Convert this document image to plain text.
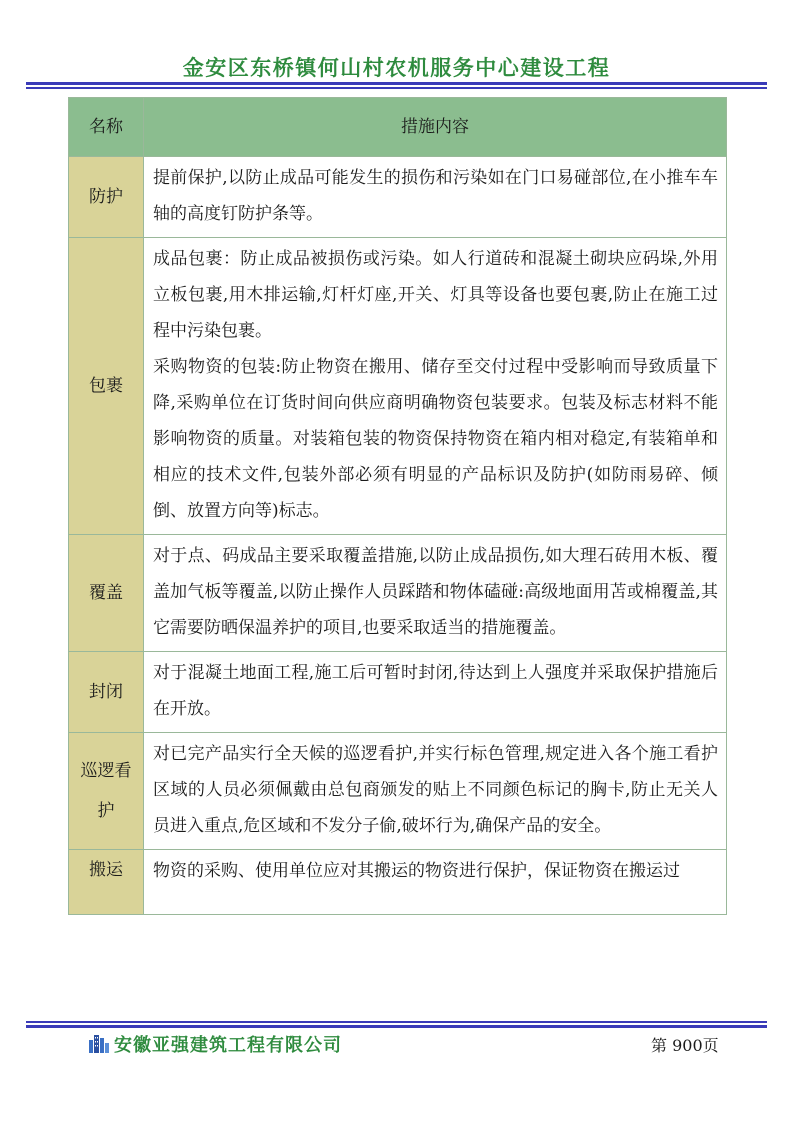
金安区东桥镇何山村农机服务中心建设工程
名称	措施内容
防护	提前保护,以防止成品可能发生的损伤和污染如在门口易碰部位,在小推车车轴的高度钉防护条等。

包裹	成品包裹：防止成品被损伤或污染。如人行道砖和混凝土砌块应码垛,外用立板包裹,用木排运输,灯杆灯座,开关、灯具等设备也要包裹,防止在施工过程中污染包裹。

采购物资的包装:防止物资在搬用、储存至交付过程中受影响而导致质量下降,采购单位在订货时间向供应商明确物资包装要求。包装及标志材料不能影响物资的质量。对装箱包装的物资保持物资在箱内相对稳定,有装箱单和相应的技术文件,包装外部必须有明显的产品标识及防护(如防雨易碎、倾倒、放置方向等)标志。

覆盖	对于点、码成品主要采取覆盖措施,以防止成品损伤,如大理石砖用木板、覆盖加气板等覆盖,以防止操作人员踩踏和物体磕碰:高级地面用苫或棉覆盖,其它需要防晒保温养护的项目,也要采取适当的措施覆盖。

封闭	对于混凝土地面工程,施工后可暂时封闭,待达到上人强度并采取保护措施后在开放。

巡逻看护	对已完产品实行全天候的巡逻看护,并实行标色管理,规定进入各个施工看护区域的人员必须佩戴由总包商颁发的贴上不同颜色标记的胸卡,防止无关人员进入重点,危区域和不发分子偷,破坏行为,确保产品的安全。

搬运	物资的采购、使用单位应对其搬运的物资进行保护，保证物资在搬运过

安徽亚强建筑工程有限公司	第 900页
